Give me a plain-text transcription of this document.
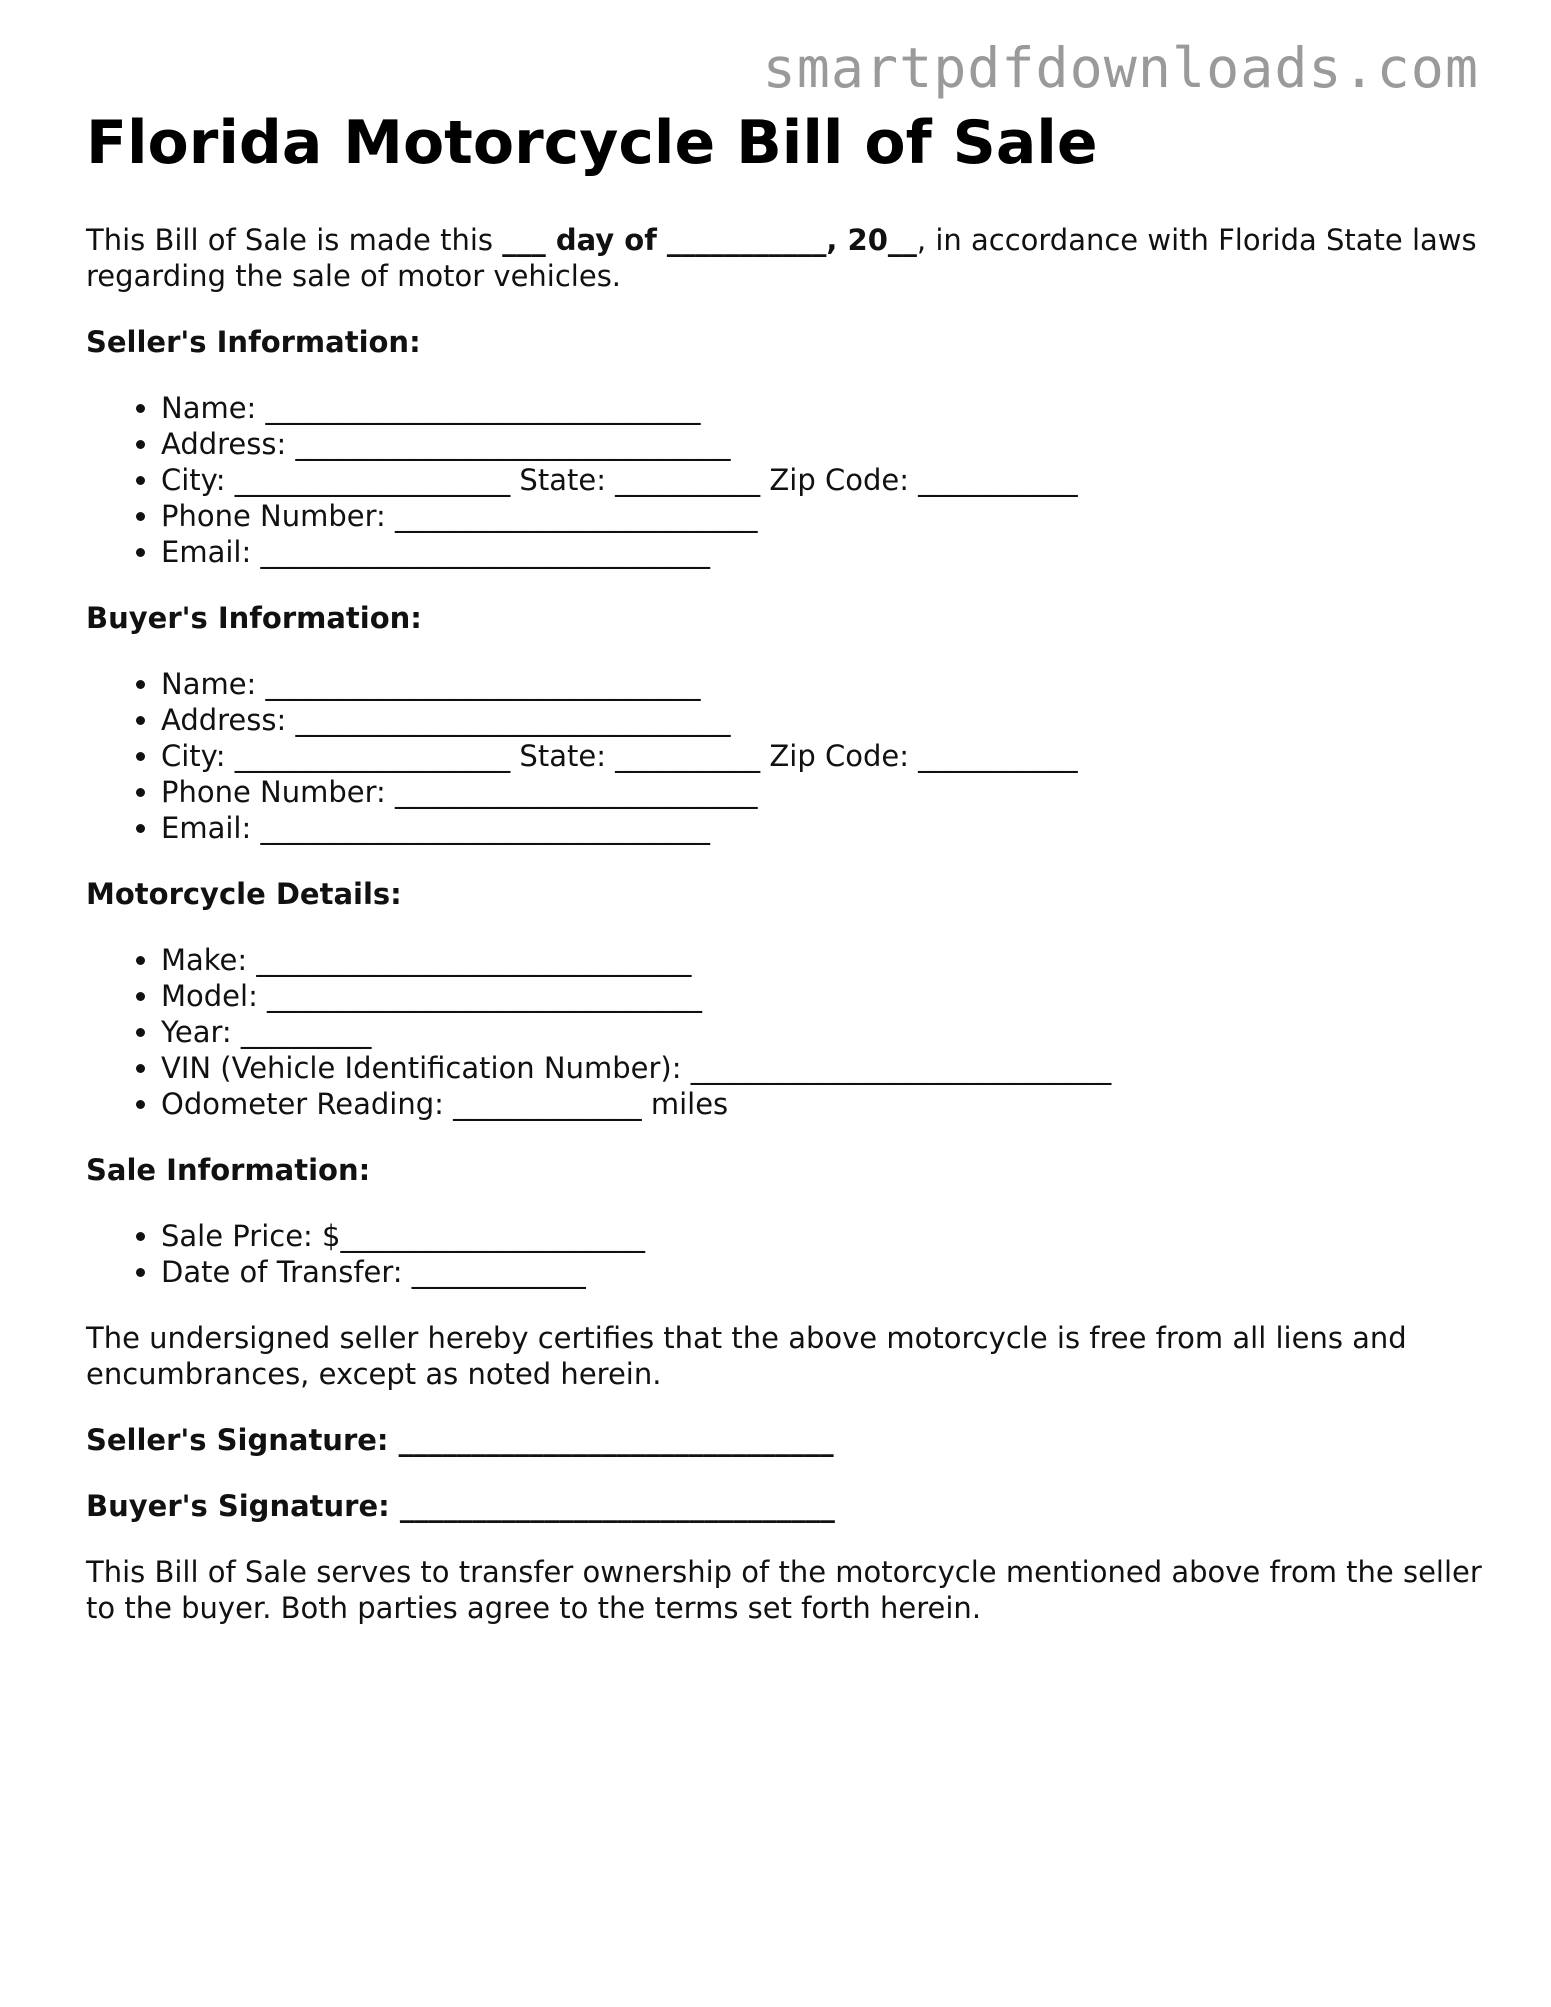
smartpdfdownloads.com

Florida Motorcycle Bill of Sale

This Bill of Sale is made this ___ day of ___________, 20__, in accordance with Florida State laws regarding the sale of motor vehicles.

Seller's Information:

• Name: ______________________________
• Address: ______________________________
• City: ___________________ State: __________ Zip Code: ___________
• Phone Number: _________________________
• Email: _______________________________

Buyer's Information:

• Name: ______________________________
• Address: ______________________________
• City: ___________________ State: __________ Zip Code: ___________
• Phone Number: _________________________
• Email: _______________________________

Motorcycle Details:

• Make: ______________________________
• Model: ______________________________
• Year: _________
• VIN (Vehicle Identification Number): _____________________________
• Odometer Reading: _____________ miles

Sale Information:

• Sale Price: $_____________________
• Date of Transfer: ____________

The undersigned seller hereby certifies that the above motorcycle is free from all liens and encumbrances, except as noted herein.

Seller's Signature: ______________________________

Buyer's Signature: ______________________________

This Bill of Sale serves to transfer ownership of the motorcycle mentioned above from the seller to the buyer. Both parties agree to the terms set forth herein.
